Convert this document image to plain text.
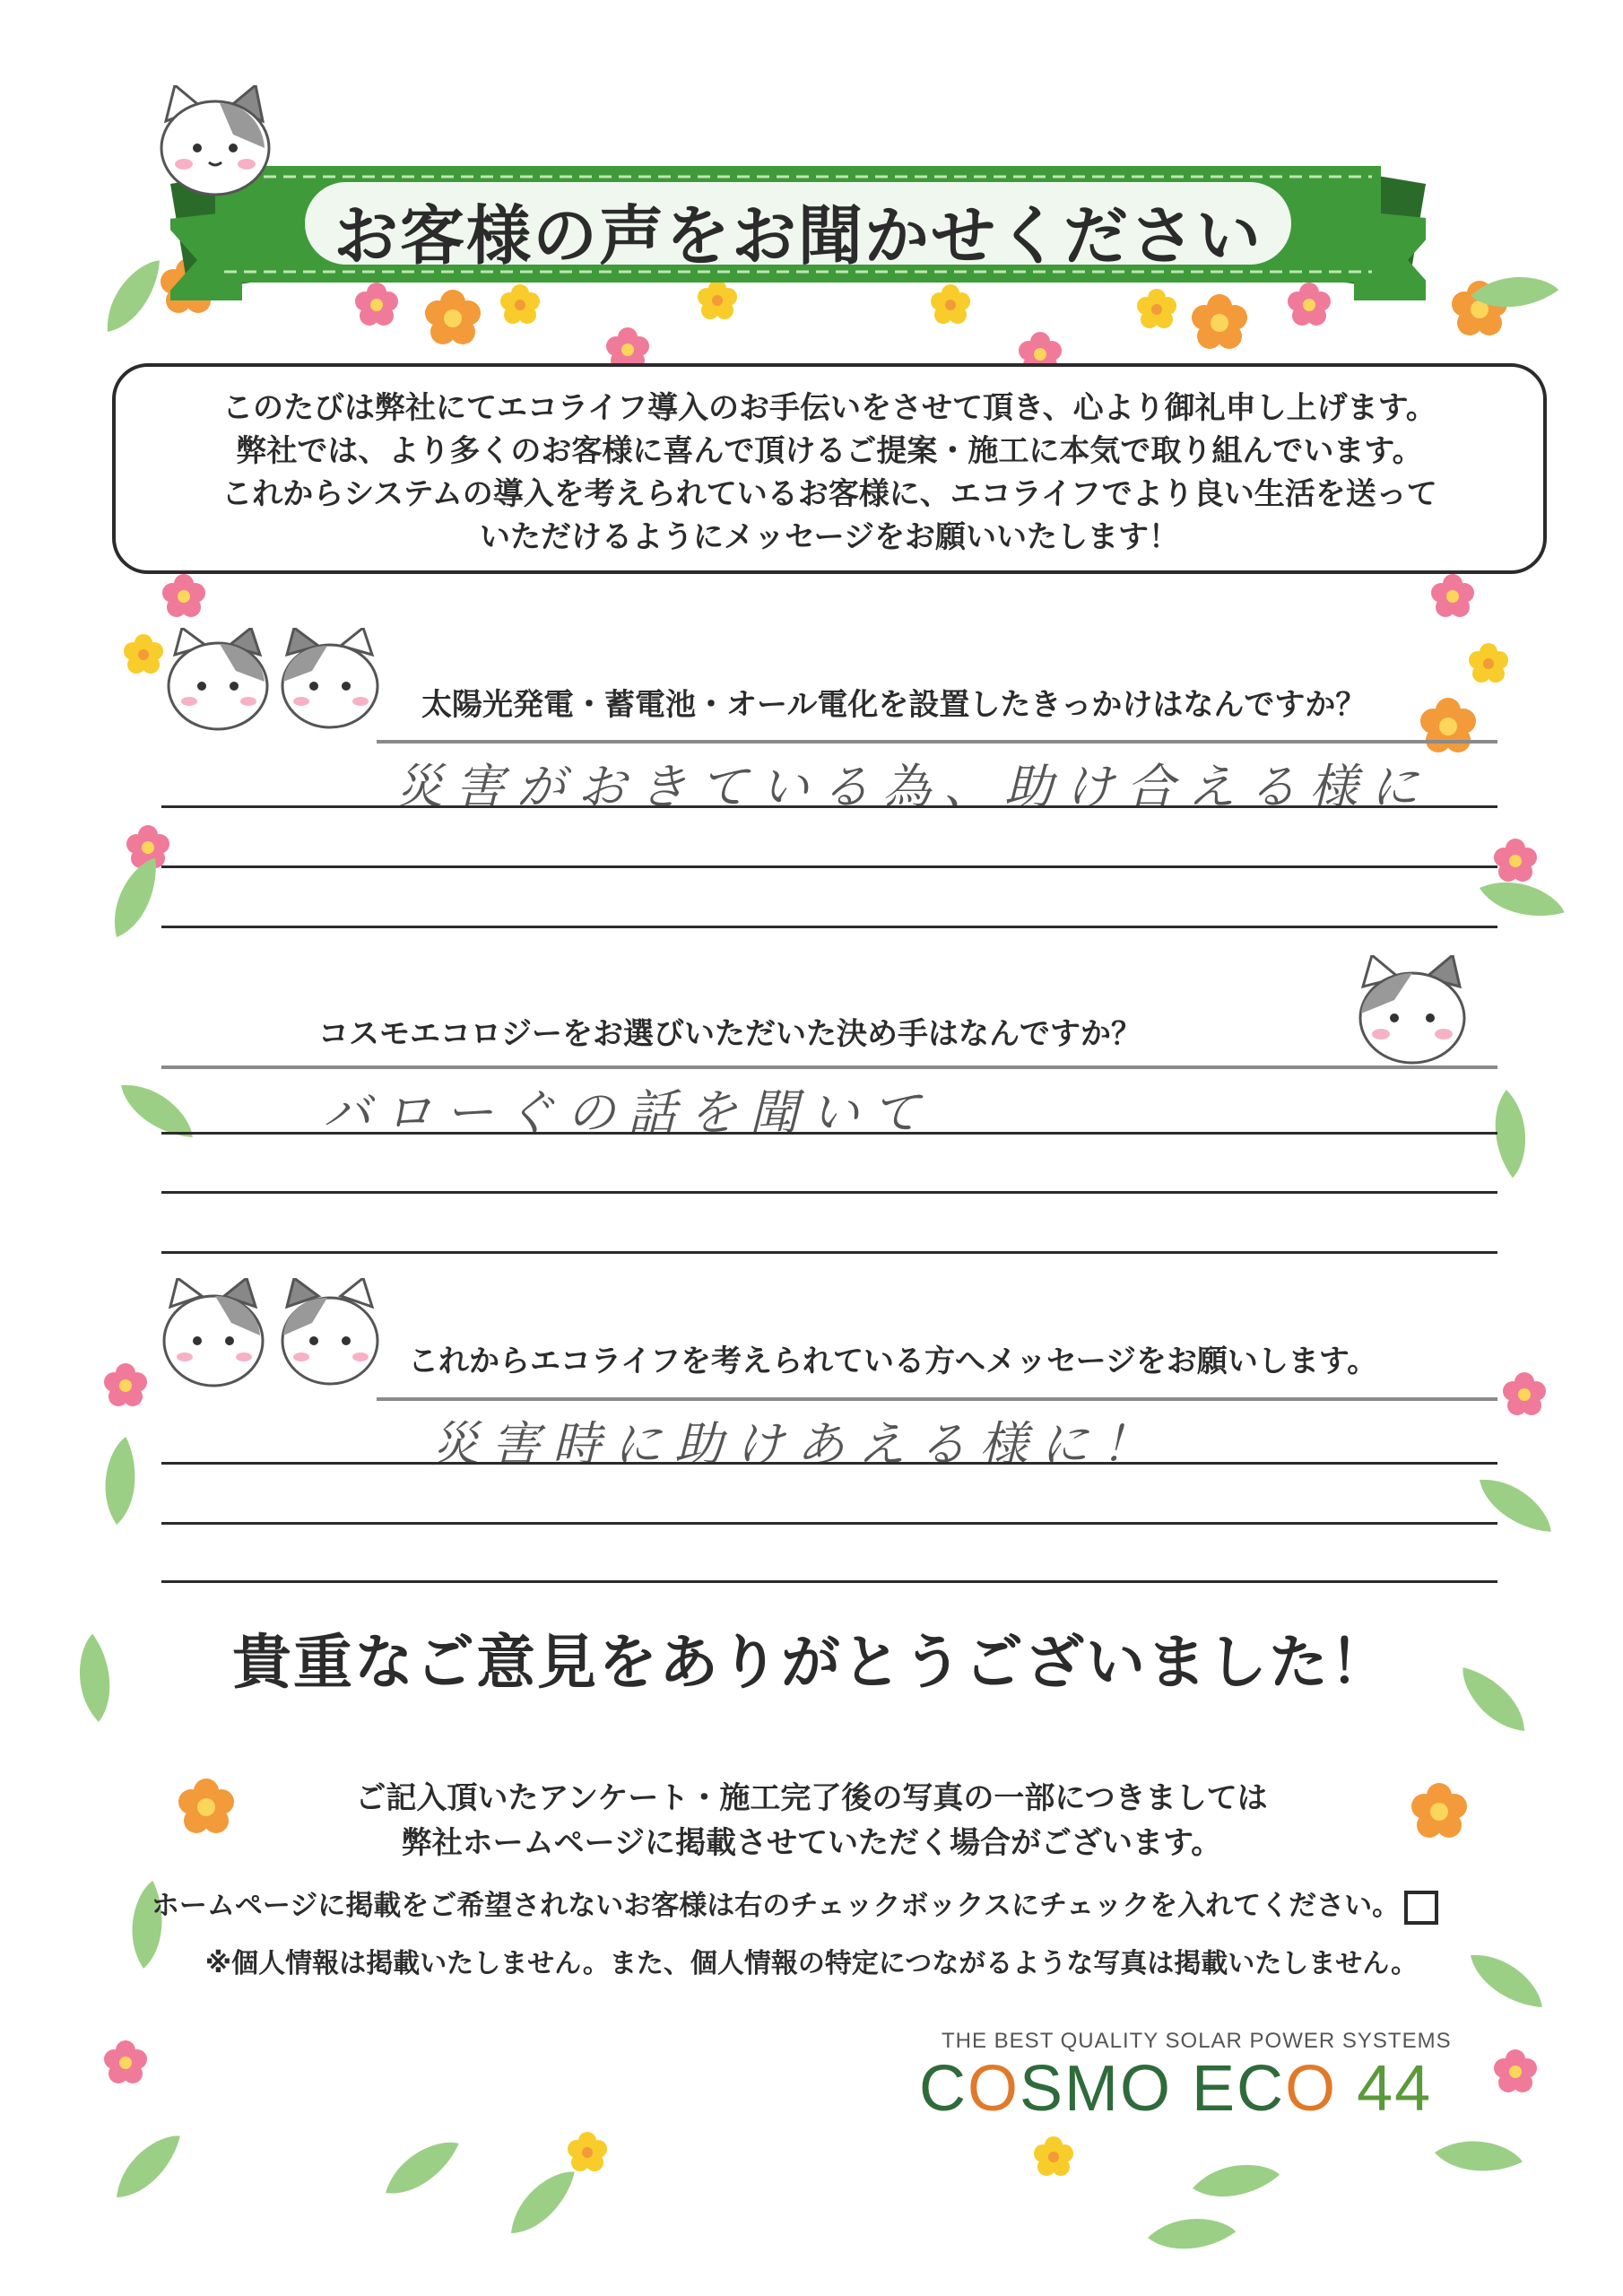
お客様の声をお聞かせください

このたびは弊社にてエコライフ導入のお手伝いをさせて頂き、心より御礼申し上げます。

弊社では、より多くのお客様に喜んで頂けるご提案・施工に本気で取り組んでいます。

これからシステムの導入を考えられているお客様に、エコライフでより良い生活を送って

いただけるようにメッセージをお願いいたします！

太陽光発電・蓄電池・オール電化を設置したきっかけはなんですか？
災害がおきている為、助け合える様に
コスモエコロジーをお選びいただいた決め手はなんですか？
バローぐの話を聞いて
これからエコライフを考えられている方へメッセージをお願いします。
災害時に助けあえる様に！
貴重なご意見をありがとうございました！
ご記入頂いたアンケート・施工完了後の写真の一部につきましては
弊社ホームページに掲載させていただく場合がございます。
ホームページに掲載をご希望されないお客様は右のチェックボックスにチェックを入れてください。
※個人情報は掲載いたしません。また、個人情報の特定につながるような写真は掲載いたしません。
THE BEST QUALITY SOLAR POWER SYSTEMS
COSMO ECO 44
